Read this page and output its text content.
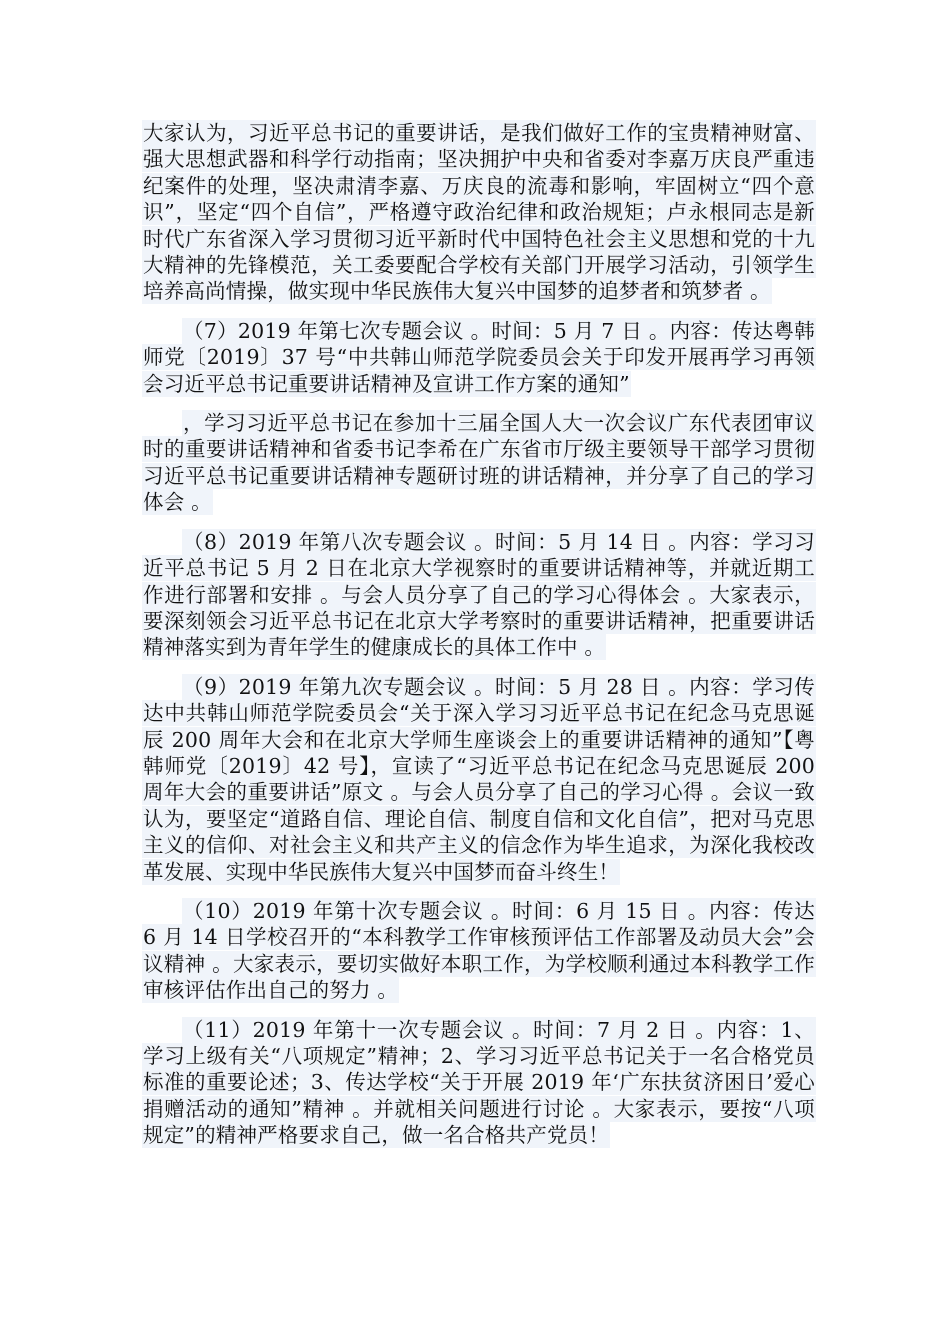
大家认为，习近平总书记的重要讲话，是我们做好工作的宝贵精神财富、强大思想武器和科学行动指南；坚决拥护中央和省委对李嘉万庆良严重违纪案件的处理，坚决肃清李嘉、万庆良的流毒和影响，牢固树立“四个意识”，坚定“四个自信”，严格遵守政治纪律和政治规矩；卢永根同志是新时代广东省深入学习贯彻习近平新时代中国特色社会主义思想和党的十九大精神的先锋模范，关工委要配合学校有关部门开展学习活动，引领学生培养高尚情操，做实现中华民族伟大复兴中国梦的追梦者和筑梦者 。

（7）2019 年第七次专题会议 。时间：5 月 7 日 。内容：传达粤韩师党〔2019〕37 号“中共韩山师范学院委员会关于印发开展再学习再领会习近平总书记重要讲话精神及宣讲工作方案的通知”

，学习习近平总书记在参加十三届全国人大一次会议广东代表团审议时的重要讲话精神和省委书记李希在广东省市厅级主要领导干部学习贯彻习近平总书记重要讲话精神专题研讨班的讲话精神，并分享了自己的学习体会 。

（8）2019 年第八次专题会议 。时间：5 月 14 日 。内容：学习习近平总书记 5 月 2 日在北京大学视察时的重要讲话精神等，并就近期工作进行部署和安排 。与会人员分享了自己的学习心得体会 。大家表示，要深刻领会习近平总书记在北京大学考察时的重要讲话精神，把重要讲话精神落实到为青年学生的健康成长的具体工作中 。

（9）2019 年第九次专题会议 。时间：5 月 28 日 。内容：学习传达中共韩山师范学院委员会“关于深入学习习近平总书记在纪念马克思诞辰 200 周年大会和在北京大学师生座谈会上的重要讲话精神的通知”【粤韩师党〔2019〕42 号】，宣读了“习近平总书记在纪念马克思诞辰 200 周年大会的重要讲话”原文 。与会人员分享了自己的学习心得 。会议一致认为，要坚定“道路自信、理论自信、制度自信和文化自信”，把对马克思主义的信仰、对社会主义和共产主义的信念作为毕生追求，为深化我校改革发展、实现中华民族伟大复兴中国梦而奋斗终生！

（10）2019 年第十次专题会议 。时间：6 月 15 日 。内容：传达 6 月 14 日学校召开的“本科教学工作审核预评估工作部署及动员大会”会议精神 。大家表示，要切实做好本职工作，为学校顺利通过本科教学工作审核评估作出自己的努力 。

（11）2019 年第十一次专题会议 。时间：7 月 2 日 。内容：1、学习上级有关“八项规定”精神；2、学习习近平总书记关于一名合格党员标准的重要论述；3、传达学校“关于开展 2019 年‘广东扶贫济困日’爱心捐赠活动的通知”精神 。并就相关问题进行讨论 。大家表示，要按“八项规定”的精神严格要求自己，做一名合格共产党员！
